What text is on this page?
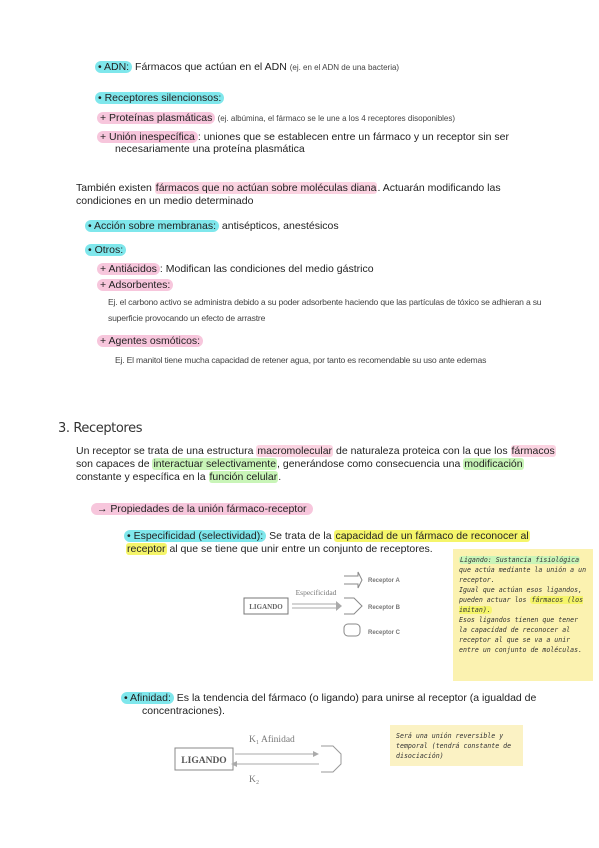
• ADN: Fármacos que actúan en el ADN (ej. en el ADN de una bacteria)
• Receptores silencionsos:
+ Proteínas plasmáticas (ej. albúmina, el fármaco se le une a los 4 receptores disoponibles)
+ Unión inespecífica : uniones que se establecen entre un fármaco y un receptor sin ser
necesariamente una proteína plasmática
También existen fármacos que no actúan sobre moléculas diana. Actuarán modificando las
condiciones en un medio determinado
• Acción sobre membranas: antisépticos, anestésicos
• Otros:
+ Antiácidos : Modifican las condiciones del medio gástrico
+ Adsorbentes:
Ej. el carbono activo se administra debido a su poder adsorbente haciendo que las partículas de tóxico se adhieran a su
superficie provocando un efecto de arrastre
+ Agentes osmóticos:
Ej. El manitol tiene mucha capacidad de retener agua, por tanto es recomendable su uso ante edemas
3. Receptores
Un receptor se trata de una estructura macromolecular de naturaleza proteica con la que los fármacos
son capaces de interactuar selectivamente, generándose como consecuencia una modificación
constante y específica en la función celular.
→ Propiedades de la unión fármaco-receptor
• Especificidad (selectividad): Se trata de la capacidad de un fármaco de reconocer al
receptor al que se tiene que unir entre un conjunto de receptores.
LIGANDO
Especificidad
Receptor A
Receptor B
Receptor C
Ligando: Sustancia fisiológica
que actúa mediante la unión a un receptor.
Igual que actúan esos ligandos, pueden actuar los fármacos (los imitan).
Esos ligandos tienen que tener la capacidad de reconocer al receptor al que se va a unir entre un conjunto de moléculas.
• Afinidad: Es la tendencia del fármaco (o ligando) para unirse al receptor (a igualdad de
concentraciones).
LIGANDO
K₁ Afinidad
K₂
Será una unión reversible y temporal (tendrá constante de disociación)
